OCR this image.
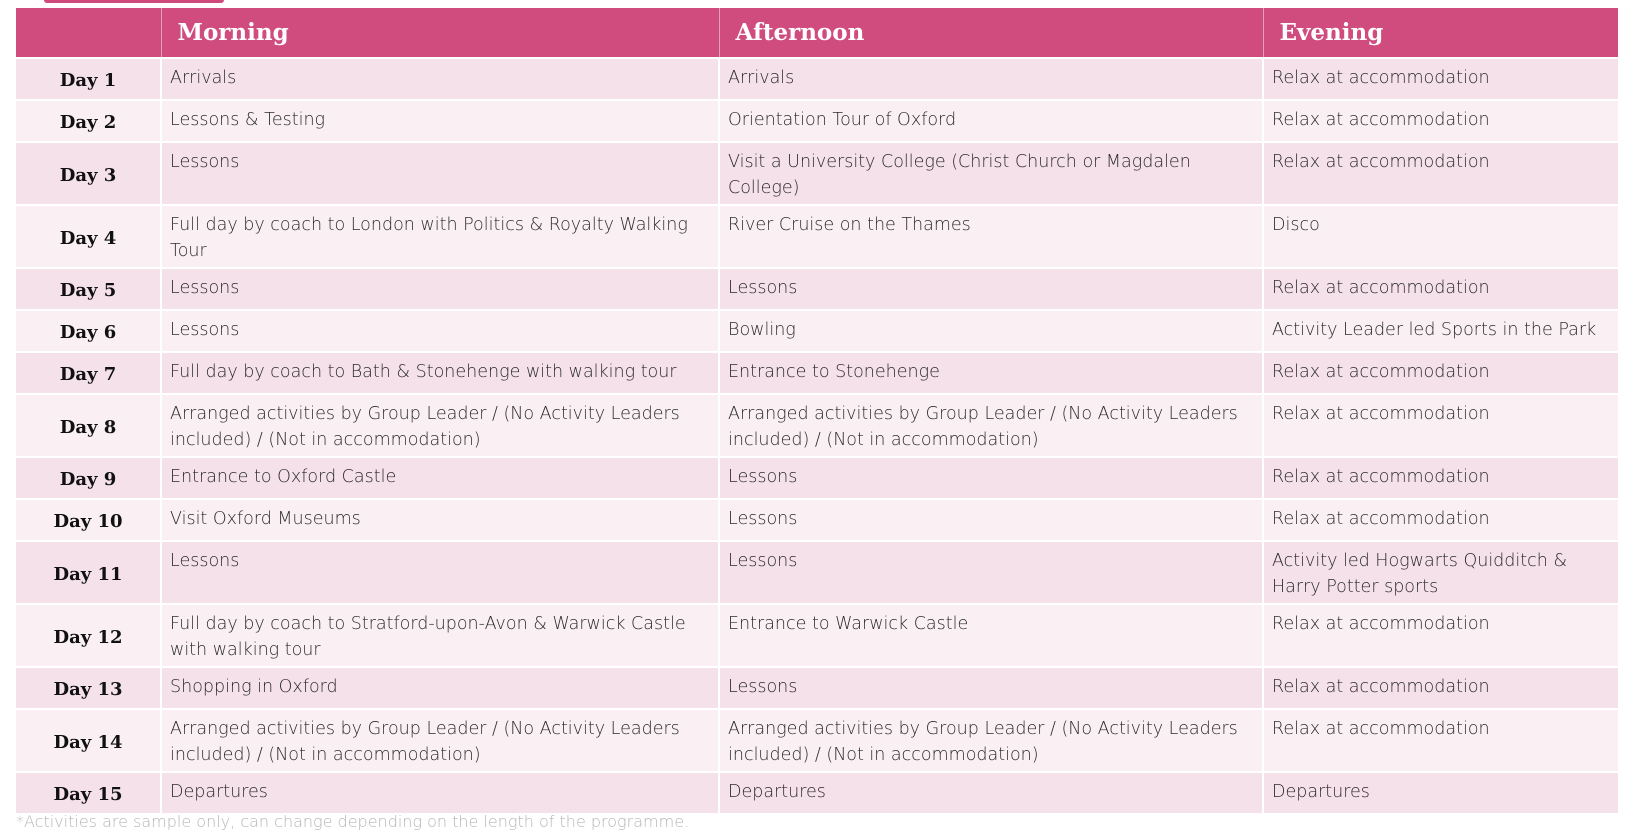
	Morning	Afternoon	Evening
Day 1	Arrivals	Arrivals	Relax at accommodation
Day 2	Lessons & Testing	Orientation Tour of Oxford	Relax at accommodation
Day 3	Lessons	Visit a University College (Christ Church or Magdalen College)	Relax at accommodation
Day 4	Full day by coach to London with Politics & Royalty Walking Tour	River Cruise on the Thames	Disco
Day 5	Lessons	Lessons	Relax at accommodation
Day 6	Lessons	Bowling	Activity Leader led Sports in the Park
Day 7	Full day by coach to Bath & Stonehenge with walking tour	Entrance to Stonehenge	Relax at accommodation
Day 8	Arranged activities by Group Leader / (No Activity Leaders included) / (Not in accommodation)	Arranged activities by Group Leader / (No Activity Leaders included) / (Not in accommodation)	Relax at accommodation
Day 9	Entrance to Oxford Castle	Lessons	Relax at accommodation
Day 10	Visit Oxford Museums	Lessons	Relax at accommodation
Day 11	Lessons	Lessons	Activity led Hogwarts Quidditch & Harry Potter sports
Day 12	Full day by coach to Stratford-upon-Avon & Warwick Castle with walking tour	Entrance to Warwick Castle	Relax at accommodation
Day 13	Shopping in Oxford	Lessons	Relax at accommodation
Day 14	Arranged activities by Group Leader / (No Activity Leaders included) / (Not in accommodation)	Arranged activities by Group Leader / (No Activity Leaders included) / (Not in accommodation)	Relax at accommodation
Day 15	Departures	Departures	Departures
*Activities are sample only, can change depending on the length of the programme.
